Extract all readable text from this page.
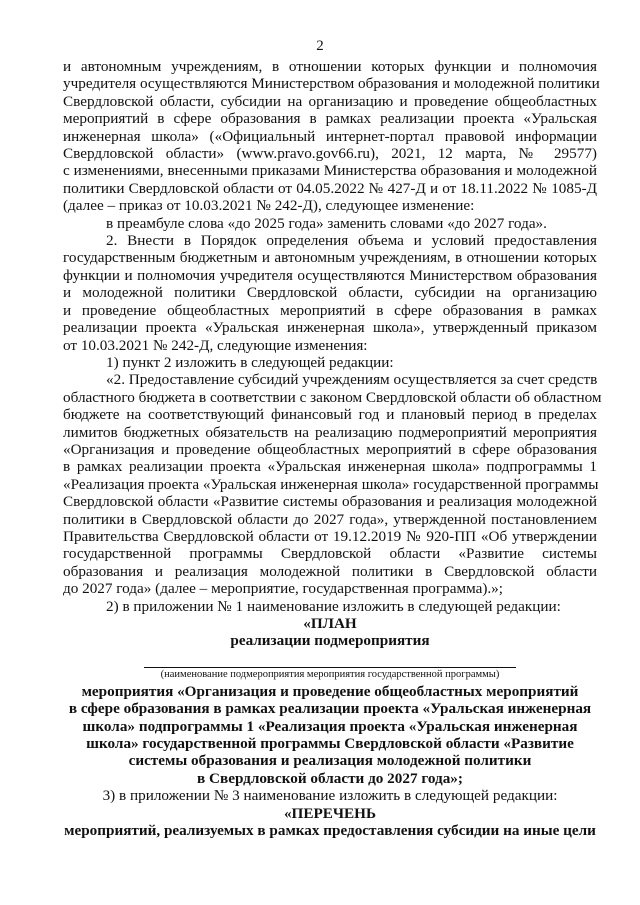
2

и автономным учреждениям, в отношении которых функции и полномочия

учредителя осуществляются Министерством образования и молодежной политики

Свердловской области, субсидии на организацию и проведение общеобластных

мероприятий в сфере образования в рамках реализации проекта «Уральская

инженерная школа» («Официальный интернет-портал правовой информации

Свердловской области» (www.pravo.gov66.ru), 2021, 12 марта, № 29577)

с изменениями, внесенными приказами Министерства образования и молодежной

политики Свердловской области от 04.05.2022 № 427-Д и от 18.11.2022 № 1085-Д

(далее – приказ от 10.03.2021 № 242-Д), следующее изменение:

в преамбуле слова «до 2025 года» заменить словами «до 2027 года».

2. Внести в Порядок определения объема и условий предоставления

государственным бюджетным и автономным учреждениям, в отношении которых

функции и полномочия учредителя осуществляются Министерством образования

и молодежной политики Свердловской области, субсидии на организацию

и проведение общеобластных мероприятий в сфере образования в рамках

реализации проекта «Уральская инженерная школа», утвержденный приказом

от 10.03.2021 № 242-Д, следующие изменения:

1) пункт 2 изложить в следующей редакции:

«2. Предоставление субсидий учреждениям осуществляется за счет средств

областного бюджета в соответствии с законом Свердловской области об областном

бюджете на соответствующий финансовый год и плановый период в пределах

лимитов бюджетных обязательств на реализацию подмероприятий мероприятия

«Организация и проведение общеобластных мероприятий в сфере образования

в рамках реализации проекта «Уральская инженерная школа» подпрограммы 1

«Реализация проекта «Уральская инженерная школа» государственной программы

Свердловской области «Развитие системы образования и реализация молодежной

политики в Свердловской области до 2027 года», утвержденной постановлением

Правительства Свердловской области от 19.12.2019 № 920-ПП «Об утверждении

государственной программы Свердловской области «Развитие системы

образования и реализация молодежной политики в Свердловской области

до 2027 года» (далее – мероприятие, государственная программа).»;

2) в приложении № 1 наименование изложить в следующей редакции:

«ПЛАН

реализации подмероприятия

(наименование подмероприятия мероприятия государственной программы)

мероприятия «Организация и проведение общеобластных мероприятий

в сфере образования в рамках реализации проекта «Уральская инженерная

школа» подпрограммы 1 «Реализация проекта «Уральская инженерная

школа» государственной программы Свердловской области «Развитие

системы образования и реализация молодежной политики

в Свердловской области до 2027 года»;

3) в приложении № 3 наименование изложить в следующей редакции:

«ПЕРЕЧЕНЬ

мероприятий, реализуемых в рамках предоставления субсидии на иные цели
